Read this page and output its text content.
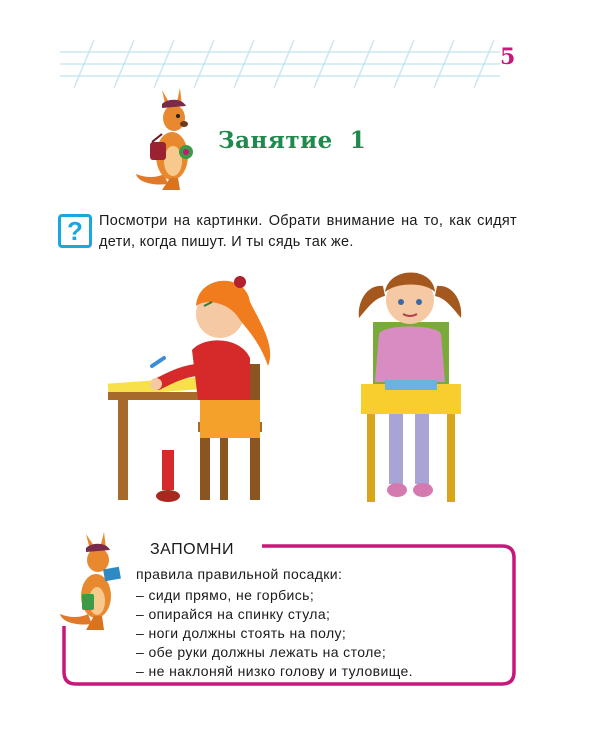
5
Занятие  1
?	Посмотри на картинки. Обрати внимание на то, как сидят дети, когда пишут. И ты сядь так же.
ЗАПОМНИ
правила правильной посадки:
– сиди прямо, не горбись;
– опирайся на спинку стула;
– ноги должны стоять на полу;
– обе руки должны лежать на столе;
– не наклоняй низко голову и туловище.
